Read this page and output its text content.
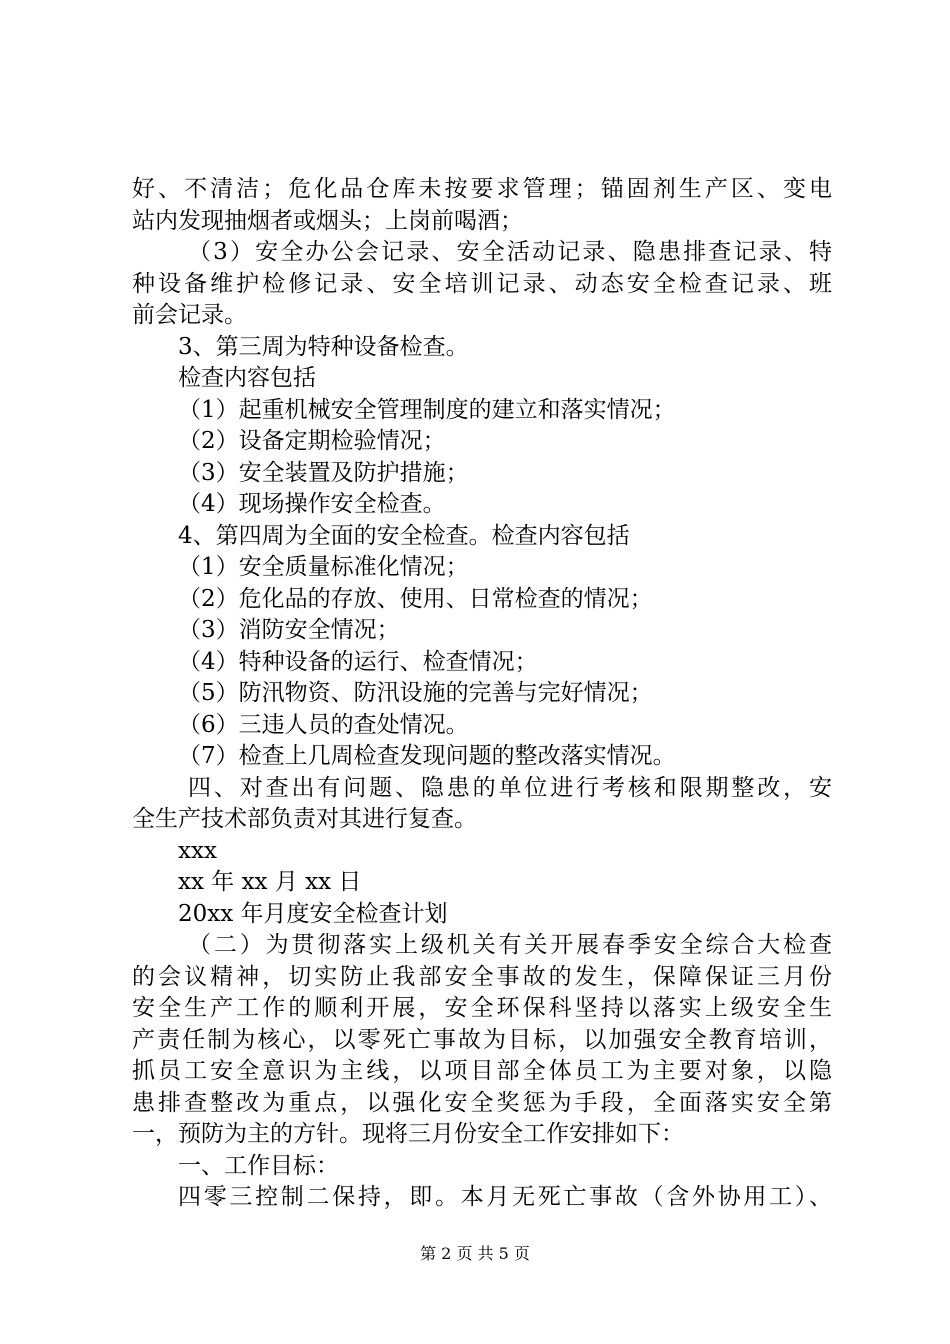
好、不清洁；危化品仓库未按要求管理；锚固剂生产区、变电
站内发现抽烟者或烟头；上岗前喝酒；
（3）安全办公会记录、安全活动记录、隐患排查记录、特
种设备维护检修记录、安全培训记录、动态安全检查记录、班
前会记录。
3、第三周为特种设备检查。
检查内容包括
（1）起重机械安全管理制度的建立和落实情况；
（2）设备定期检验情况；
（3）安全装置及防护措施；
（4）现场操作安全检查。
4、第四周为全面的安全检查。检查内容包括
（1）安全质量标准化情况；
（2）危化品的存放、使用、日常检查的情况；
（3）消防安全情况；
（4）特种设备的运行、检查情况；
（5）防汛物资、防汛设施的完善与完好情况；
（6）三违人员的查处情况。
（7）检查上几周检查发现问题的整改落实情况。
四、对查出有问题、隐患的单位进行考核和限期整改，安
全生产技术部负责对其进行复查。
xxx
xx 年 xx 月 xx 日
20xx 年月度安全检查计划
（二）为贯彻落实上级机关有关开展春季安全综合大检查
的会议精神，切实防止我部安全事故的发生，保障保证三月份
安全生产工作的顺利开展，安全环保科坚持以落实上级安全生
产责任制为核心，以零死亡事故为目标，以加强安全教育培训，
抓员工安全意识为主线，以项目部全体员工为主要对象，以隐
患排查整改为重点，以强化安全奖惩为手段，全面落实安全第
一，预防为主的方针。现将三月份安全工作安排如下：
一、工作目标：
四零三控制二保持，即。本月无死亡事故（含外协用工）、
第 2 页 共 5 页
